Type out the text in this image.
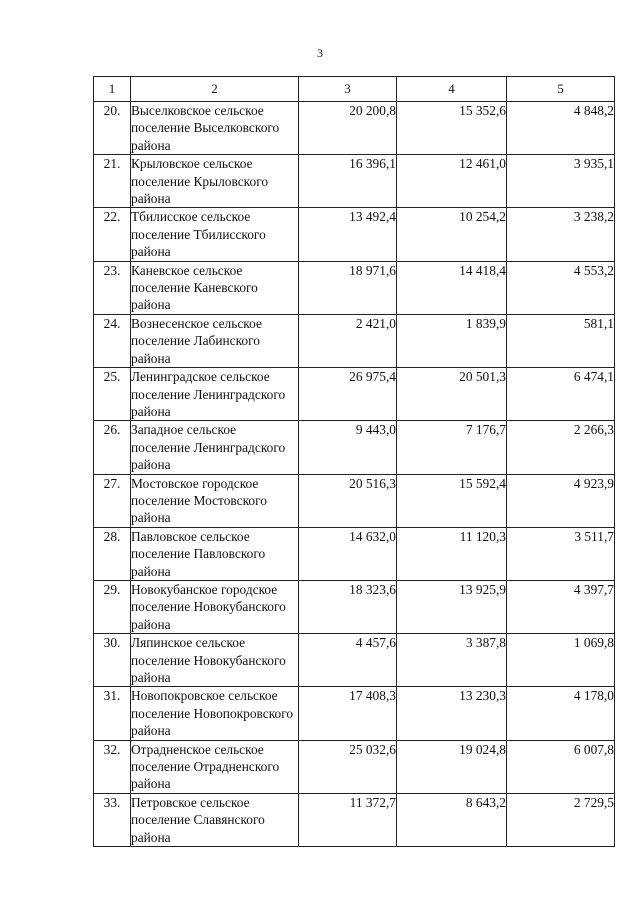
3
1	2	3	4	5
20.	Выселковское сельское поселение Выселковского района	20 200,8	15 352,6	4 848,2
21.	Крыловское сельское поселение Крыловского района	16 396,1	12 461,0	3 935,1
22.	Тбилисское сельское поселение Тбилисского района	13 492,4	10 254,2	3 238,2
23.	Каневское сельское поселение Каневского района	18 971,6	14 418,4	4 553,2
24.	Вознесенское сельское поселение Лабинского района	2 421,0	1 839,9	581,1
25.	Ленинградское сельское поселение Ленинградского района	26 975,4	20 501,3	6 474,1
26.	Западное сельское поселение Ленинградского района	9 443,0	7 176,7	2 266,3
27.	Мостовское городское поселение Мостовского района	20 516,3	15 592,4	4 923,9
28.	Павловское сельское поселение Павловского района	14 632,0	11 120,3	3 511,7
29.	Новокубанское городское поселение Новокубанского района	18 323,6	13 925,9	4 397,7
30.	Ляпинское сельское поселение Новокубанского района	4 457,6	3 387,8	1 069,8
31.	Новопокровское сельское поселение Новопокровского района	17 408,3	13 230,3	4 178,0
32.	Отрадненское сельское поселение Отрадненского района	25 032,6	19 024,8	6 007,8
33.	Петровское сельское поселение Славянского района	11 372,7	8 643,2	2 729,5
